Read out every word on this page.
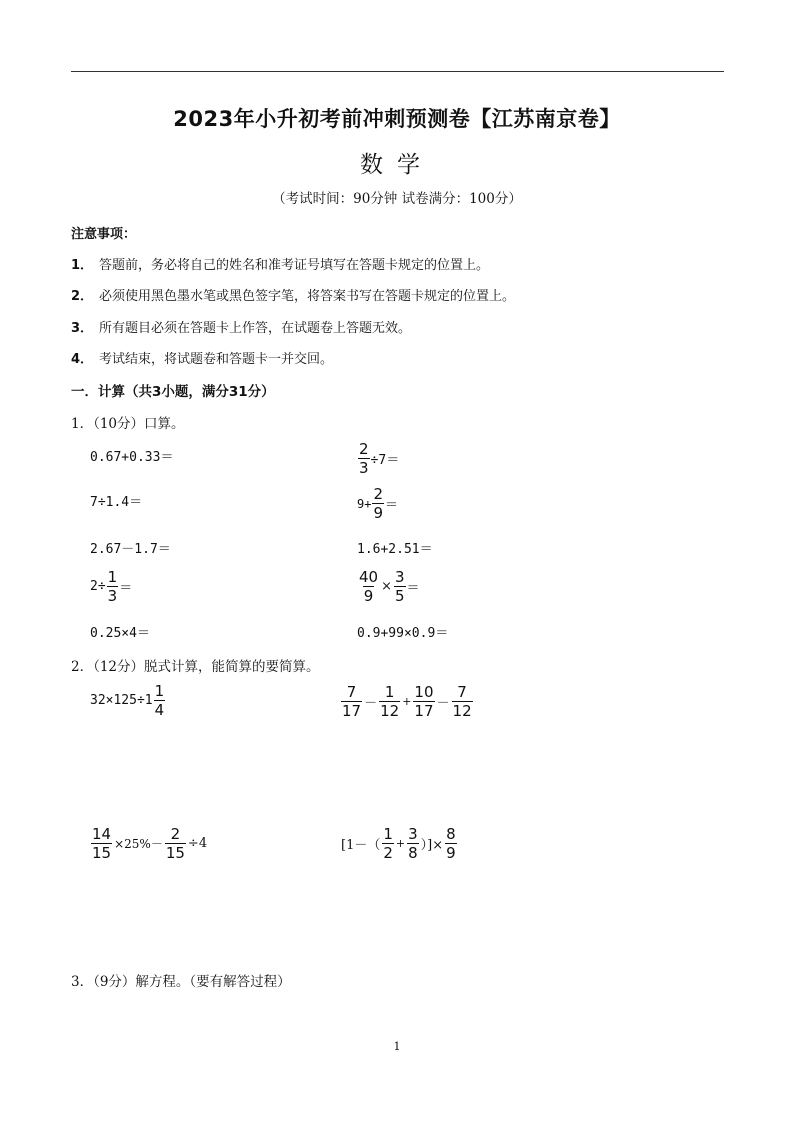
2023年小升初考前冲刺预测卷【江苏南京卷】
数学
（考试时间：90分钟 试卷满分：100分）
注意事项：
1． 答题前，务必将自己的姓名和准考证号填写在答题卡规定的位置上。
2． 必须使用黑色墨水笔或黑色签字笔，将答案书写在答题卡规定的位置上。
3． 所有题目必须在答题卡上作答，在试题卷上答题无效。
4． 考试结束，将试题卷和答题卡一并交回。
一．计算（共3小题，满分31分）
1．（10分）口算。
0.67+0.33＝	$\frac{2}{3} \div 7=$
7÷1.4＝	$9+ \frac{2}{9}$ ＝
2.67－1.7＝	1.6+2.51＝
$2\div \frac{1}{3}$ ＝	$\frac{40}{9} \times \frac{3}{5}$ ＝
0.25×4＝	0.9+99×0.9＝
2．（12分）脱式计算，能简算的要简算。
$32\times 125\div 1 \frac{1}{4}$	$\frac{7}{17} - \frac{1}{12} + \frac{10}{17} - \frac{7}{12}$
$\frac{14}{15} \times 25\%- \frac{2}{15} \div 4$	[$1-( \frac{1}{2} + \frac{3}{8}$ ）]× $\frac{8}{9}$
3．（9分）解方程。（要有解答过程）
1
